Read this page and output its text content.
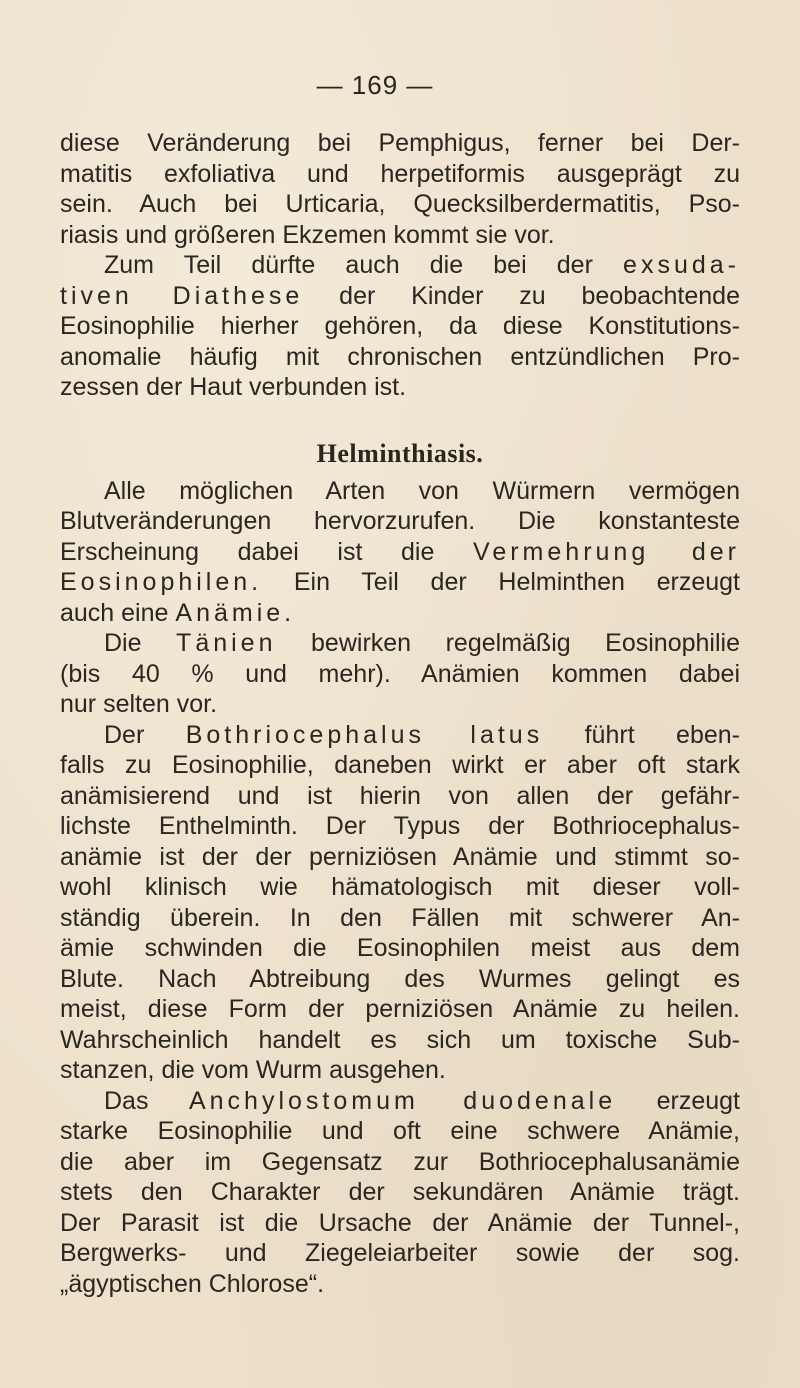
— 169 —
diese Veränderung bei Pemphigus, ferner bei Der-
matitis exfoliativa und herpetiformis ausgeprägt zu
sein. Auch bei Urticaria, Quecksilberdermatitis, Pso-
riasis und größeren Ekzemen kommt sie vor.
Zum Teil dürfte auch die bei der exsuda-
tiven Diathese der Kinder zu beobachtende
Eosinophilie hierher gehören, da diese Konstitutions-
anomalie häufig mit chronischen entzündlichen Pro-
zessen der Haut verbunden ist.
Helminthiasis.
Alle möglichen Arten von Würmern vermögen
Blutveränderungen hervorzurufen. Die konstanteste
Erscheinung dabei ist die Vermehrung der
Eosinophilen. Ein Teil der Helminthen erzeugt
auch eine Anämie.
Die Tänien bewirken regelmäßig Eosinophilie
(bis 40 % und mehr). Anämien kommen dabei
nur selten vor.
Der Bothriocephalus latus führt eben-
falls zu Eosinophilie, daneben wirkt er aber oft stark
anämisierend und ist hierin von allen der gefähr-
lichste Enthelminth. Der Typus der Bothriocephalus-
anämie ist der der perniziösen Anämie und stimmt so-
wohl klinisch wie hämatologisch mit dieser voll-
ständig überein. In den Fällen mit schwerer An-
ämie schwinden die Eosinophilen meist aus dem
Blute. Nach Abtreibung des Wurmes gelingt es
meist, diese Form der perniziösen Anämie zu heilen.
Wahrscheinlich handelt es sich um toxische Sub-
stanzen, die vom Wurm ausgehen.
Das Anchylostomum duodenale erzeugt
starke Eosinophilie und oft eine schwere Anämie,
die aber im Gegensatz zur Bothriocephalusanämie
stets den Charakter der sekundären Anämie trägt.
Der Parasit ist die Ursache der Anämie der Tunnel-,
Bergwerks- und Ziegeleiarbeiter sowie der sog.
„ägyptischen Chlorose“.
